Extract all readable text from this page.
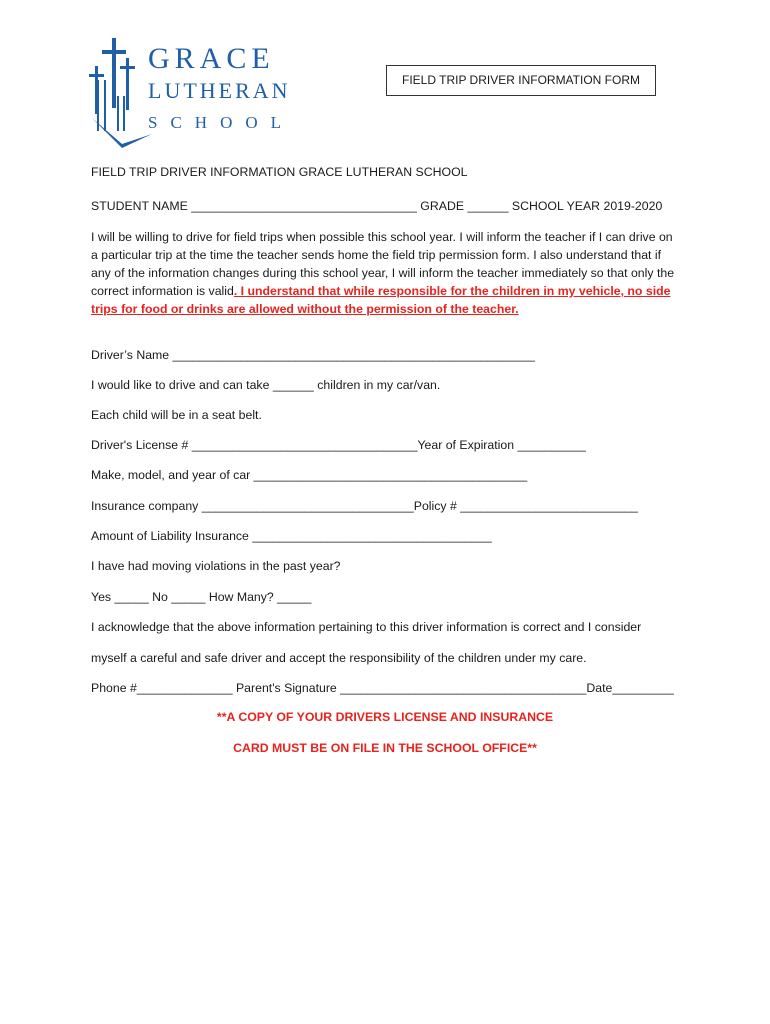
GRACE
LUTHERAN
SCHOOL
FIELD TRIP DRIVER INFORMATION FORM

FIELD TRIP DRIVER INFORMATION GRACE LUTHERAN SCHOOL

STUDENT NAME _________________________________ GRADE ______ SCHOOL YEAR 2019-2020

I will be willing to drive for field trips when possible this school year. I will inform the teacher if I can drive on a particular trip at the time the teacher sends home the field trip permission form. I also understand that if any of the information changes during this school year, I will inform the teacher immediately so that only the correct information is valid. I understand that while responsible for the children in my vehicle, no side trips for food or drinks are allowed without the permission of the teacher.

Driver’s Name _____________________________________________________

I would like to drive and can take ______ children in my car/van.

Each child will be in a seat belt.

Driver's License # _________________________________Year of Expiration __________

Make, model, and year of car ________________________________________

Insurance company _______________________________Policy # __________________________

Amount of Liability Insurance ___________________________________

I have had moving violations in the past year?

Yes _____ No _____ How Many? _____

I acknowledge that the above information pertaining to this driver information is correct and I consider

myself a careful and safe driver and accept the responsibility of the children under my care.

Phone #______________ Parent's Signature ____________________________________Date_________

**A COPY OF YOUR DRIVERS LICENSE AND INSURANCE

CARD MUST BE ON FILE IN THE SCHOOL OFFICE**
